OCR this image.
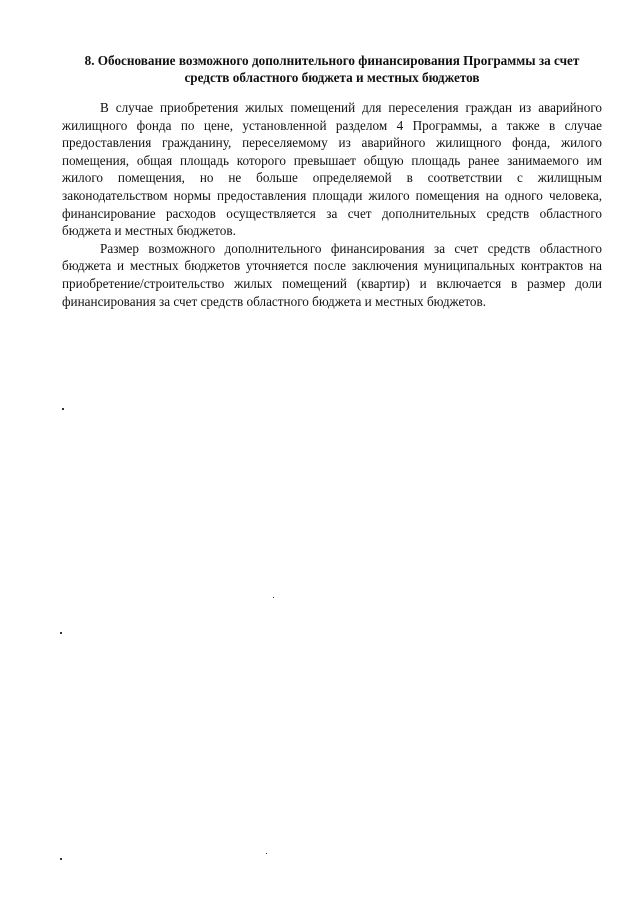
8. Обоснование возможного дополнительного финансирования Программы за счет
средств областного бюджета и местных бюджетов

В случае приобретения жилых помещений для переселения граждан из аварийного жилищного фонда по цене, установленной разделом 4 Программы, а также в случае предоставления гражданину, переселяемому из аварийного жилищного фонда, жилого помещения, общая площадь которого превышает общую площадь ранее занимаемого им жилого помещения, но не больше определяемой в соответствии с жилищным законодательством нормы предоставления площади жилого помещения на одного человека, финансирование расходов осуществляется за счет дополнительных средств областного бюджета и местных бюджетов.

Размер возможного дополнительного финансирования за счет средств областного бюджета и местных бюджетов уточняется после заключения муниципальных контрактов на приобретение/строительство жилых помещений (квартир) и включается в размер доли финансирования за счет средств областного бюджета и местных бюджетов.
